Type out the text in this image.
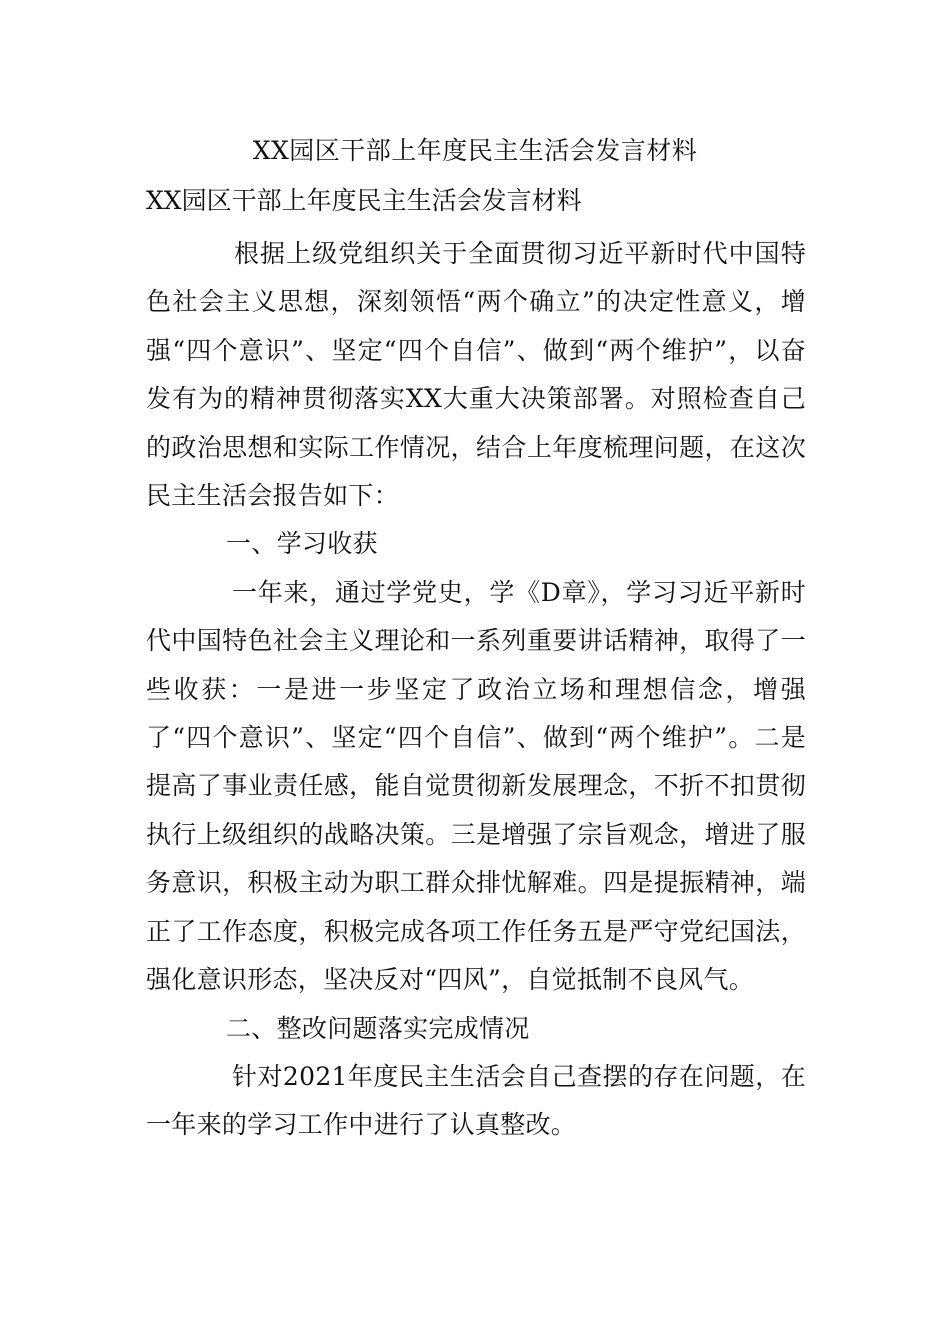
XX园区干部上年度民主生活会发言材料
XX园区干部上年度民主生活会发言材料

根据上级党组织关于全面贯彻习近平新时代中国特色社会主义思想，深刻领悟“两个确立”的决定性意义，增强“四个意识”、坚定“四个自信”、做到“两个维护”，以奋发有为的精神贯彻落实XX大重大决策部署。对照检查自己的政治思想和实际工作情况，结合上年度梳理问题，在这次民主生活会报告如下：

一、学习收获

一年来，通过学党史，学《D章》，学习习近平新时代中国特色社会主义理论和一系列重要讲话精神，取得了一些收获：一是进一步坚定了政治立场和理想信念，增强了“四个意识”、坚定“四个自信”、做到“两个维护”。二是提高了事业责任感，能自觉贯彻新发展理念，不折不扣贯彻执行上级组织的战略决策。三是增强了宗旨观念，增进了服务意识，积极主动为职工群众排忧解难。四是提振精神，端正了工作态度，积极完成各项工作任务五是严守党纪国法，强化意识形态，坚决反对“四风”，自觉抵制不良风气。

二、整改问题落实完成情况

针对2021年度民主生活会自己查摆的存在问题，在一年来的学习工作中进行了认真整改。
